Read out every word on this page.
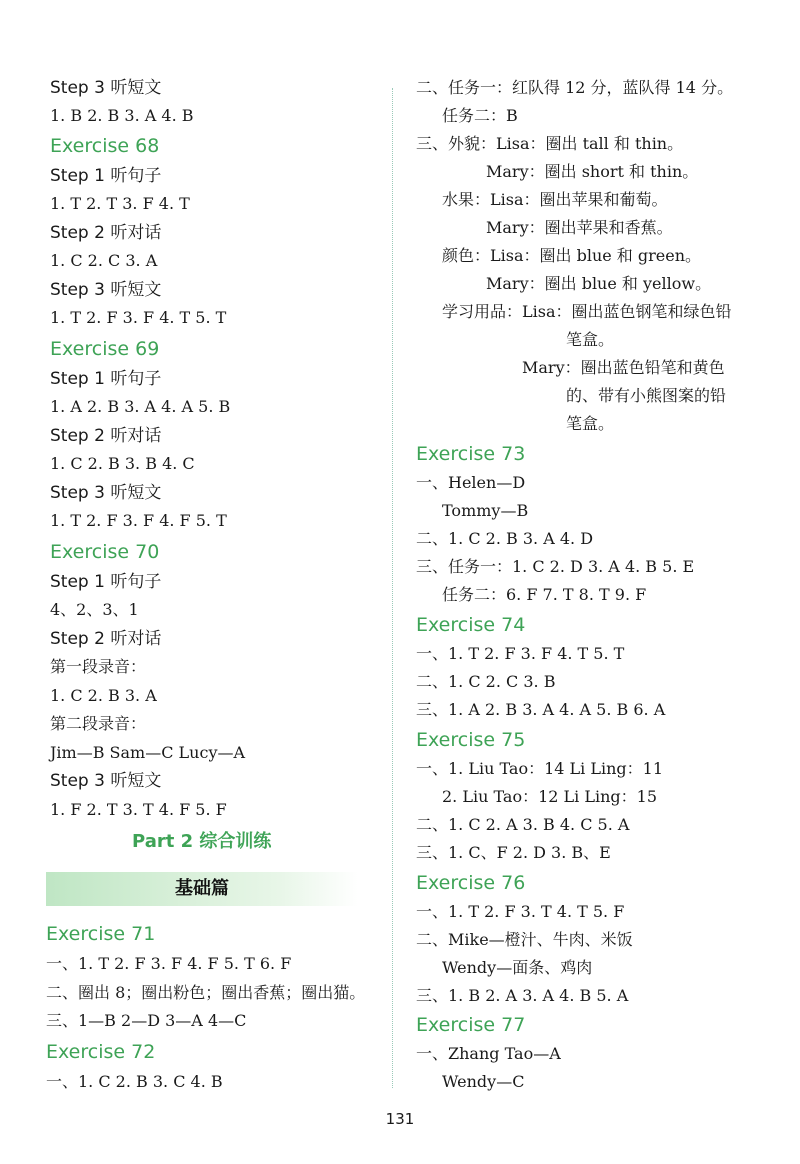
Step 3 听短文
1. B 2. B 3. A 4. B
Exercise 68
Step 1 听句子
1. T 2. T 3. F 4. T
Step 2 听对话
1. C 2. C 3. A
Step 3 听短文
1. T 2. F 3. F 4. T 5. T
Exercise 69
Step 1 听句子
1. A 2. B 3. A 4. A 5. B
Step 2 听对话
1. C 2. B 3. B 4. C
Step 3 听短文
1. T 2. F 3. F 4. F 5. T
Exercise 70
Step 1 听句子
4、2、3、1
Step 2 听对话
第一段录音：
1. C 2. B 3. A
第二段录音：
Jim—B Sam—C Lucy—A
Step 3 听短文
1. F 2. T 3. T 4. F 5. F
Part 2 综合训练
基础篇
Exercise 71
一、1. T 2. F 3. F 4. F 5. T 6. F
二、圈出 8；圈出粉色；圈出香蕉；圈出猫。
三、1—B 2—D 3—A 4—C
Exercise 72
一、1. C 2. B 3. C 4. B
二、任务一：红队得 12 分，蓝队得 14 分。
任务二：B
三、外貌：Lisa：圈出 tall 和 thin。
Mary：圈出 short 和 thin。
水果：Lisa：圈出苹果和葡萄。
Mary：圈出苹果和香蕉。
颜色：Lisa：圈出 blue 和 green。
Mary：圈出 blue 和 yellow。
学习用品：Lisa：圈出蓝色钢笔和绿色铅
笔盒。
Mary：圈出蓝色铅笔和黄色
的、带有小熊图案的铅
笔盒。
Exercise 73
一、Helen—D
Tommy—B
二、1. C 2. B 3. A 4. D
三、任务一：1. C 2. D 3. A 4. B 5. E
任务二：6. F 7. T 8. T 9. F
Exercise 74
一、1. T 2. F 3. F 4. T 5. T
二、1. C 2. C 3. B
三、1. A 2. B 3. A 4. A 5. B 6. A
Exercise 75
一、1. Liu Tao：14 Li Ling：11
2. Liu Tao：12 Li Ling：15
二、1. C 2. A 3. B 4. C 5. A
三、1. C、F 2. D 3. B、E
Exercise 76
一、1. T 2. F 3. T 4. T 5. F
二、Mike—橙汁、牛肉、米饭
Wendy—面条、鸡肉
三、1. B 2. A 3. A 4. B 5. A
Exercise 77
一、Zhang Tao—A
Wendy—C
131
